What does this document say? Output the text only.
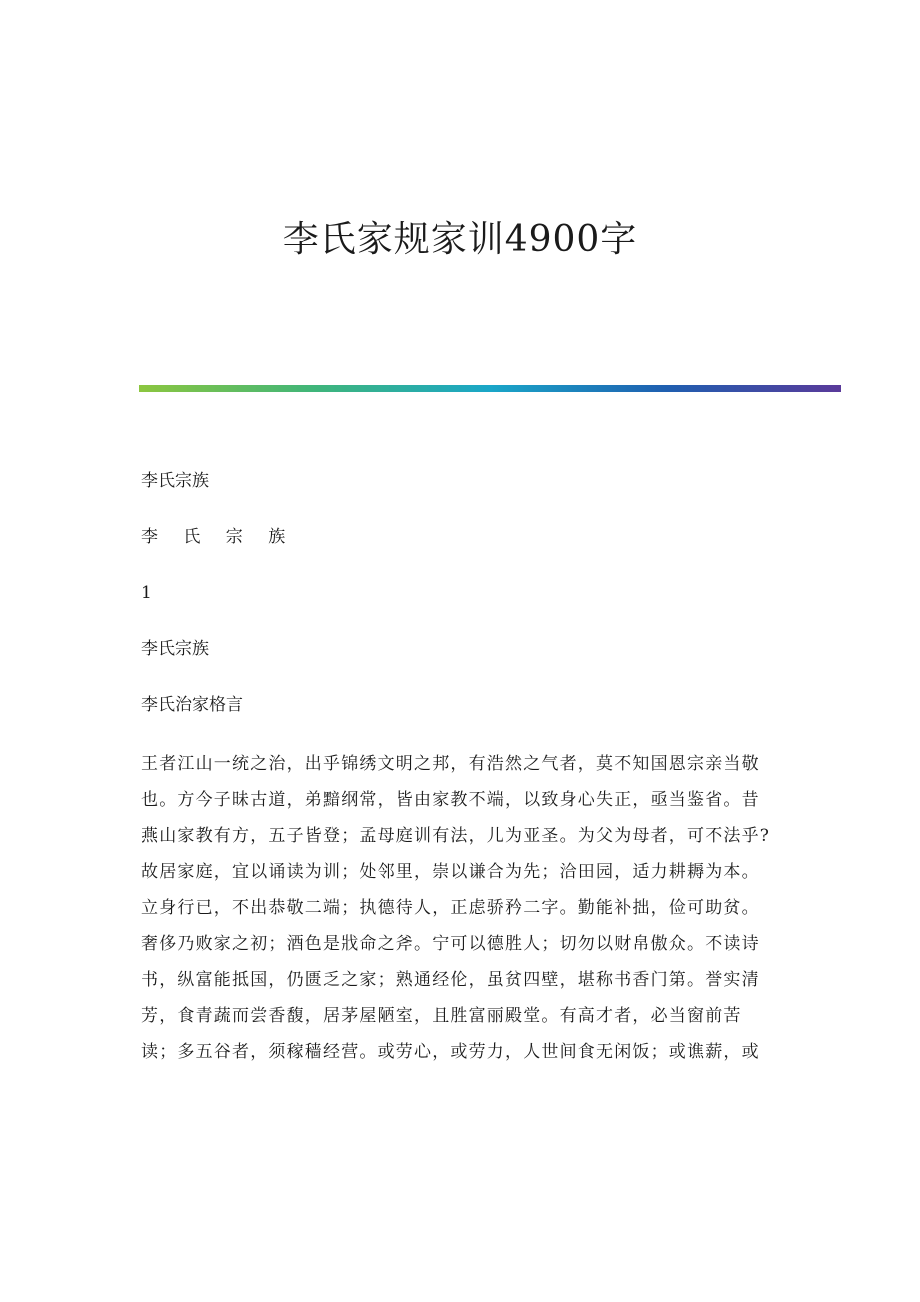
李氏家规家训4900字

李氏宗族

李 氏 宗 族

1

李氏宗族

李氏治家格言

王者江山一统之治，出乎锦绣文明之邦，有浩然之气者，莫不知国恩宗亲当敬

也。方今子昧古道，弟黯纲常，皆由家教不端，以致身心失正，亟当鉴省。昔

燕山家教有方，五子皆登；孟母庭训有法，儿为亚圣。为父为母者，可不法乎?

故居家庭，宜以诵读为训；处邻里，崇以谦合为先；洽田园，适力耕耨为本。

立身行已，不出恭敬二端；执德待人，正虑骄矜二字。勤能补拙，俭可助贫。

奢侈乃败家之初；酒色是戕命之斧。宁可以德胜人；切勿以财帛傲众。不读诗

书，纵富能抵国，仍匮乏之家；熟通经伦，虽贫四壁，堪称书香门第。誉实清

芳，食青蔬而尝香馥，居茅屋陋室，且胜富丽殿堂。有高才者，必当窗前苦

读；多五谷者，须稼穑经营。或劳心，或劳力，人世间食无闲饭；或谯薪，或
